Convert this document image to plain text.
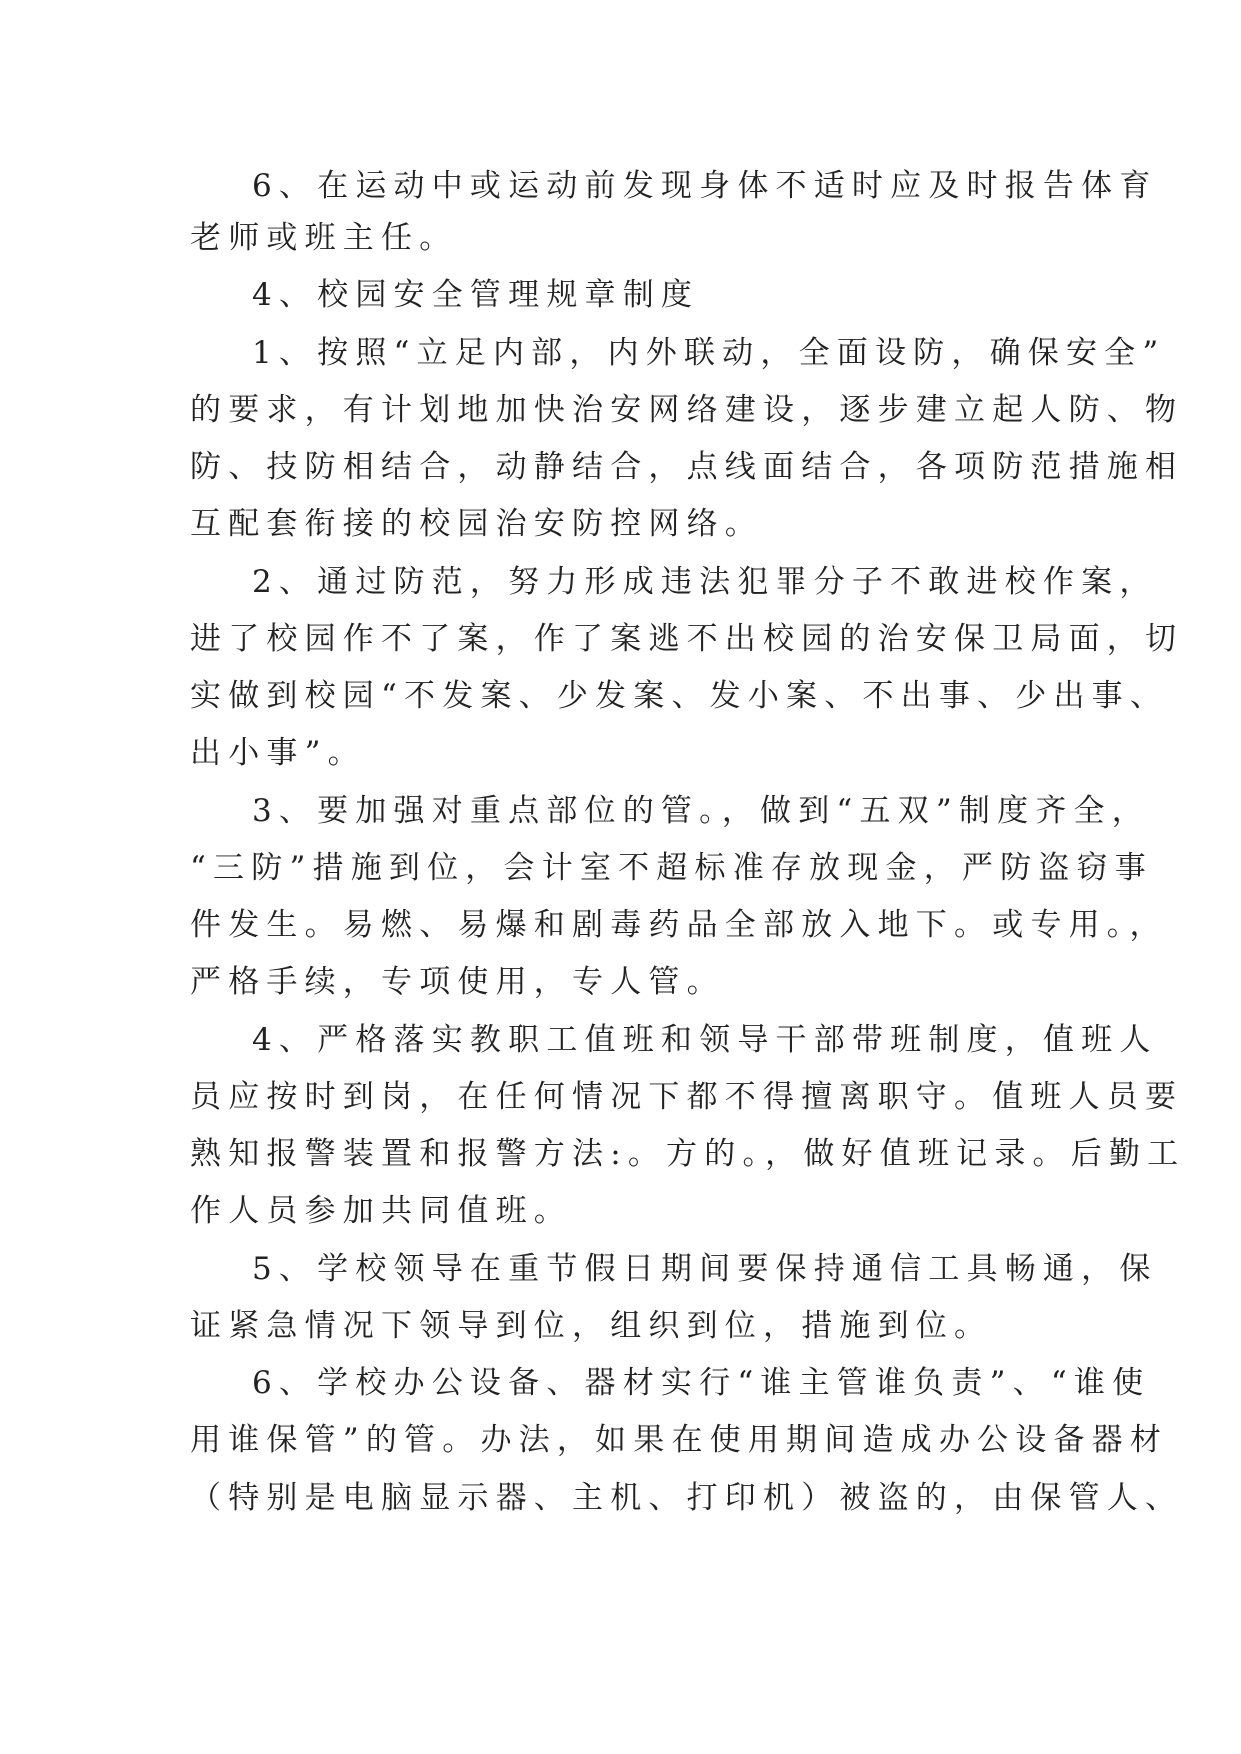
6、在运动中或运动前发现身体不适时应及时报告体育

老师或班主任。

4、校园安全管理规章制度

1、按照“立足内部，内外联动，全面设防，确保安全”

的要求，有计划地加快治安网络建设，逐步建立起人防、物

防、技防相结合，动静结合，点线面结合，各项防范措施相

互配套衔接的校园治安防控网络。

2、通过防范，努力形成违法犯罪分子不敢进校作案，

进了校园作不了案，作了案逃不出校园的治安保卫局面，切

实做到校园“不发案、少发案、发小案、不出事、少出事、

出小事”。

3、要加强对重点部位的管。，做到“五双”制度齐全，

“三防”措施到位，会计室不超标准存放现金，严防盗窃事

件发生。易燃、易爆和剧毒药品全部放入地下。或专用。，

严格手续，专项使用，专人管。

4、严格落实教职工值班和领导干部带班制度，值班人

员应按时到岗，在任何情况下都不得擅离职守。值班人员要

熟知报警装置和报警方法:。方的。，做好值班记录。后勤工

作人员参加共同值班。

5、学校领导在重节假日期间要保持通信工具畅通，保

证紧急情况下领导到位，组织到位，措施到位。

6、学校办公设备、器材实行“谁主管谁负责”、“谁使

用谁保管”的管。办法，如果在使用期间造成办公设备器材

（特别是电脑显示器、主机、打印机）被盗的，由保管人、
